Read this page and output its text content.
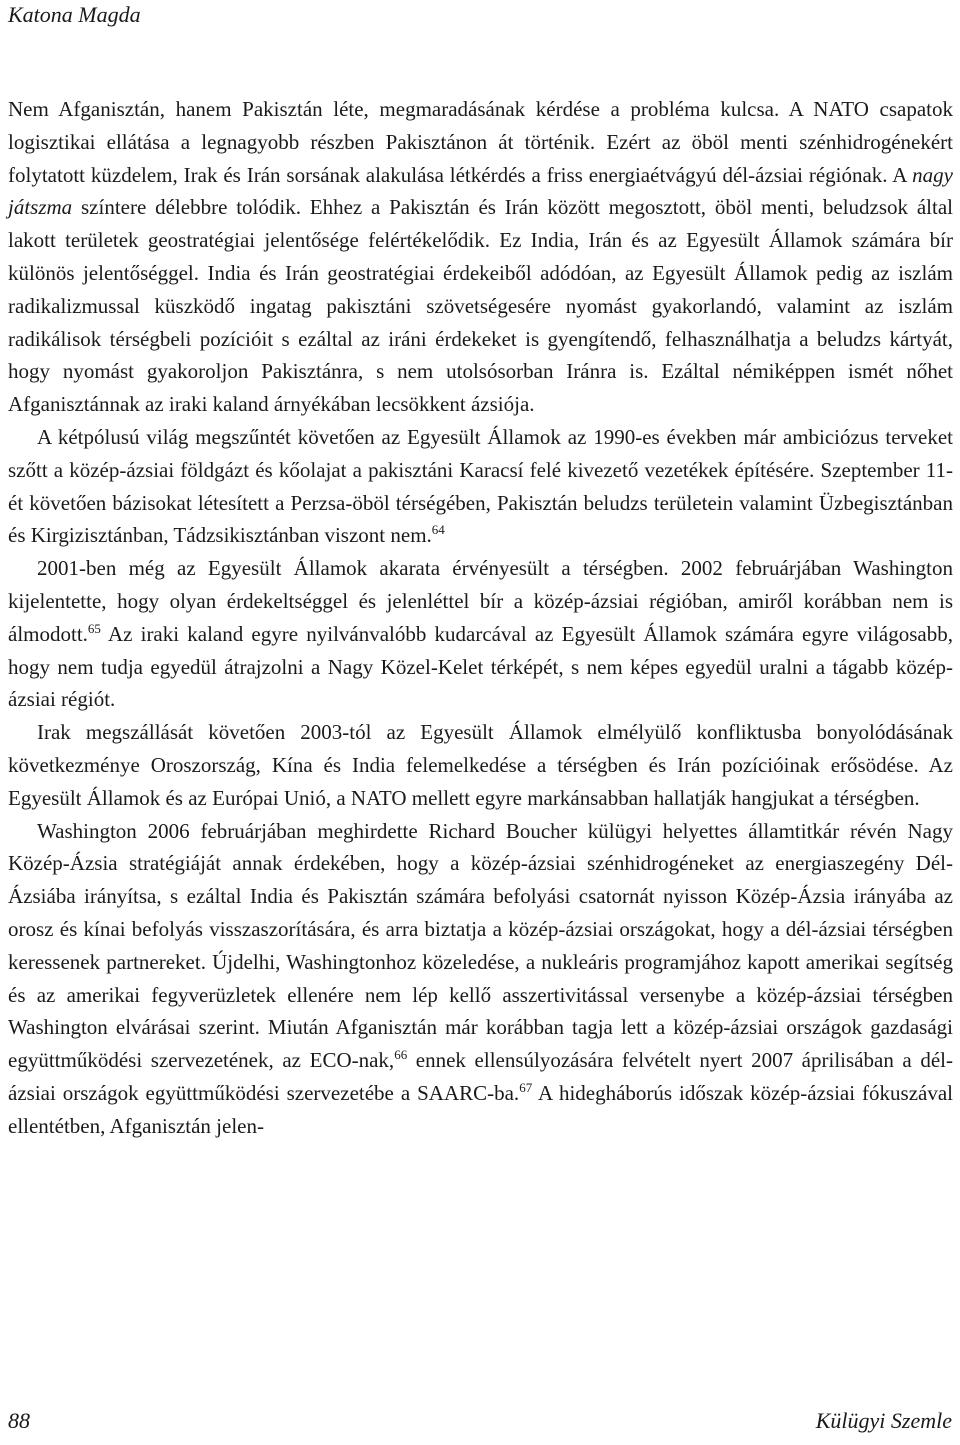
Katona Magda

Nem Afganisztán, hanem Pakisztán léte, megmaradásának kérdése a probléma kulcsa. A NATO csapatok logisztikai ellátása a legnagyobb részben Pakisztánon át történik. Ezért az öböl menti szénhidrogénekért folytatott küzdelem, Irak és Irán sorsának alakulása létkérdés a friss energiaétvágyú dél-ázsiai régiónak. A nagy játszma színtere délebbre tolódik. Ehhez a Pakisztán és Irán között megosztott, öböl menti, beludzsok által lakott területek geostratégiai jelentősége felértékelődik. Ez India, Irán és az Egyesült Államok számára bír különös jelentőséggel. India és Irán geostratégiai érdekeiből adódóan, az Egyesült Államok pedig az iszlám radikalizmussal küszködő ingatag pakisztáni szövetségesére nyomást gyakorlandó, valamint az iszlám radikálisok térségbeli pozícióit s ezáltal az iráni érdekeket is gyengítendő, felhasználhatja a beludzs kártyát, hogy nyomást gyakoroljon Pakisztánra, s nem utolsósorban Iránra is. Ezáltal némiképpen ismét nőhet Afganisztánnak az iraki kaland árnyékában lecsökkent ázsiója.

A kétpólusú világ megszűntét követően az Egyesült Államok az 1990-es években már ambiciózus terveket szőtt a közép-ázsiai földgázt és kőolajat a pakisztáni Karacsí felé kivezető vezetékek építésére. Szeptember 11-ét követően bázisokat létesített a Perzsa-öböl térségében, Pakisztán beludzs területein valamint Üzbegisztánban és Kirgizisztánban, Tádzsikisztánban viszont nem.$^{64}$

2001-ben még az Egyesült Államok akarata érvényesült a térségben. 2002 februárjában Washington kijelentette, hogy olyan érdekeltséggel és jelenléttel bír a közép-ázsiai régióban, amiről korábban nem is álmodott.$^{65}$ Az iraki kaland egyre nyilvánvalóbb kudarcával az Egyesült Államok számára egyre világosabb, hogy nem tudja egyedül átrajzolni a Nagy Közel-Kelet térképét, s nem képes egyedül uralni a tágabb közép-ázsiai régiót.

Irak megszállását követően 2003-tól az Egyesült Államok elmélyülő konfliktusba bonyolódásának következménye Oroszország, Kína és India felemelkedése a térségben és Irán pozícióinak erősödése. Az Egyesült Államok és az Európai Unió, a NATO mellett egyre markánsabban hallatják hangjukat a térségben.

Washington 2006 februárjában meghirdette Richard Boucher külügyi helyettes államtitkár révén Nagy Közép-Ázsia stratégiáját annak érdekében, hogy a közép-ázsiai szénhidrogéneket az energiaszegény Dél-Ázsiába irányítsa, s ezáltal India és Pakisztán számára befolyási csatornát nyisson Közép-Ázsia irányába az orosz és kínai befolyás visszaszorítására, és arra biztatja a közép-ázsiai országokat, hogy a dél-ázsiai térségben keressenek partnereket. Újdelhi, Washingtonhoz közeledése, a nukleáris programjához kapott amerikai segítség és az amerikai fegyverüzletek ellenére nem lép kellő asszertivitással versenybe a közép-ázsiai térségben Washington elvárásai szerint. Miután Afganisztán már korábban tagja lett a közép-ázsiai országok gazdasági együttműködési szervezetének, az ECO-nak,$^{66}$ ennek ellensúlyozására felvételt nyert 2007 áprilisában a dél-ázsiai országok együttműködési szervezetébe a SAARC-ba.$^{67}$ A hidegháborús időszak közép-ázsiai fókuszával ellentétben, Afganisztán jelen-

88	Külügyi Szemle
